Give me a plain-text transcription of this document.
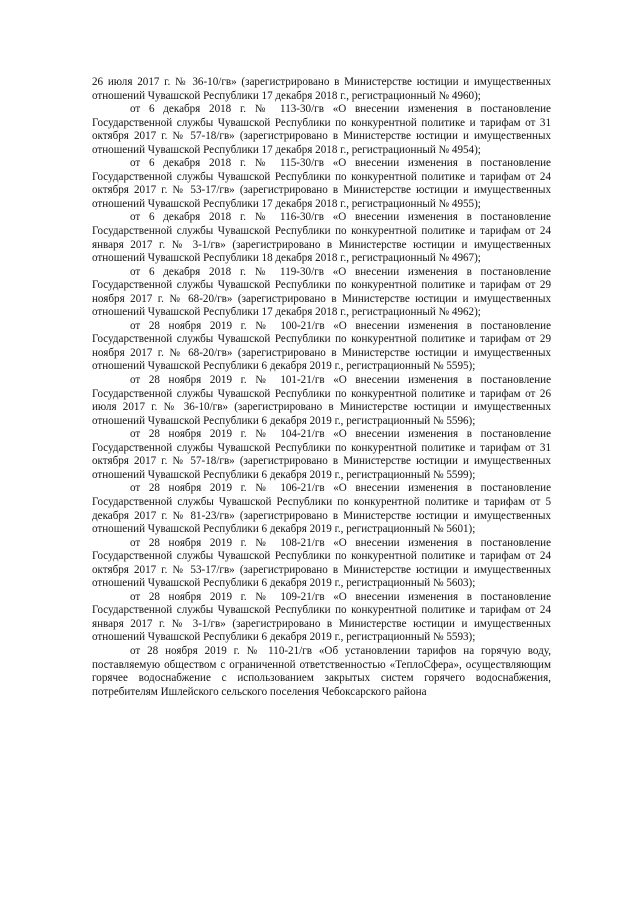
26 июля 2017 г. № 36-10/гв» (зарегистрировано в Министерстве юстиции и имущественных отношений Чувашской Республики 17 декабря 2018 г., регистрационный № 4960);

от 6 декабря 2018 г. № 113-30/гв «О внесении изменения в постановление Государственной службы Чувашской Республики по конкурентной политике и тарифам от 31 октября 2017 г. № 57-18/гв» (зарегистрировано в Министерстве юстиции и имущественных отношений Чувашской Республики 17 декабря 2018 г., регистрационный № 4954);

от 6 декабря 2018 г. № 115-30/гв «О внесении изменения в постановление Государственной службы Чувашской Республики по конкурентной политике и тарифам от 24 октября 2017 г. № 53-17/гв» (зарегистрировано в Министерстве юстиции и имущественных отношений Чувашской Республики 17 декабря 2018 г., регистрационный № 4955);

от 6 декабря 2018 г. № 116-30/гв «О внесении изменения в постановление Государственной службы Чувашской Республики по конкурентной политике и тарифам от 24 января 2017 г. № 3-1/гв» (зарегистрировано в Министерстве юстиции и имущественных отношений Чувашской Республики 18 декабря 2018 г., регистрационный № 4967);

от 6 декабря 2018 г. № 119-30/гв «О внесении изменения в постановление Государственной службы Чувашской Республики по конкурентной политике и тарифам от 29 ноября 2017 г. № 68-20/гв» (зарегистрировано в Министерстве юстиции и имущественных отношений Чувашской Республики 17 декабря 2018 г., регистрационный № 4962);

от 28 ноября 2019 г. № 100-21/гв «О внесении изменения в постановление Государственной службы Чувашской Республики по конкурентной политике и тарифам от 29 ноября 2017 г. № 68-20/гв» (зарегистрировано в Министерстве юстиции и имущественных отношений Чувашской Республики 6 декабря 2019 г., регистрационный № 5595);

от 28 ноября 2019 г. № 101-21/гв «О внесении изменения в постановление Государственной службы Чувашской Республики по конкурентной политике и тарифам от 26 июля 2017 г. № 36-10/гв» (зарегистрировано в Министерстве юстиции и имущественных отношений Чувашской Республики 6 декабря 2019 г., регистрационный № 5596);

от 28 ноября 2019 г. № 104-21/гв «О внесении изменения в постановление Государственной службы Чувашской Республики по конкурентной политике и тарифам от 31 октября 2017 г. № 57-18/гв» (зарегистрировано в Министерстве юстиции и имущественных отношений Чувашской Республики 6 декабря 2019 г., регистрационный № 5599);

от 28 ноября 2019 г. № 106-21/гв «О внесении изменения в постановление Государственной службы Чувашской Республики по конкурентной политике и тарифам от 5 декабря 2017 г. № 81-23/гв» (зарегистрировано в Министерстве юстиции и имущественных отношений Чувашской Республики 6 декабря 2019 г., регистрационный № 5601);

от 28 ноября 2019 г. № 108-21/гв «О внесении изменения в постановление Государственной службы Чувашской Республики по конкурентной политике и тарифам от 24 октября 2017 г. № 53-17/гв» (зарегистрировано в Министерстве юстиции и имущественных отношений Чувашской Республики 6 декабря 2019 г., регистрационный № 5603);

от 28 ноября 2019 г. № 109-21/гв «О внесении изменения в постановление Государственной службы Чувашской Республики по конкурентной политике и тарифам от 24 января 2017 г. № 3-1/гв» (зарегистрировано в Министерстве юстиции и имущественных отношений Чувашской Республики 6 декабря 2019 г., регистрационный № 5593);

от 28 ноября 2019 г. № 110-21/гв «Об установлении тарифов на горячую воду, поставляемую обществом с ограниченной ответственностью «ТеплоСфера», осуществляющим горячее водоснабжение с использованием закрытых систем горячего водоснабжения, потребителям Ишлейского сельского поселения Чебоксарского района
